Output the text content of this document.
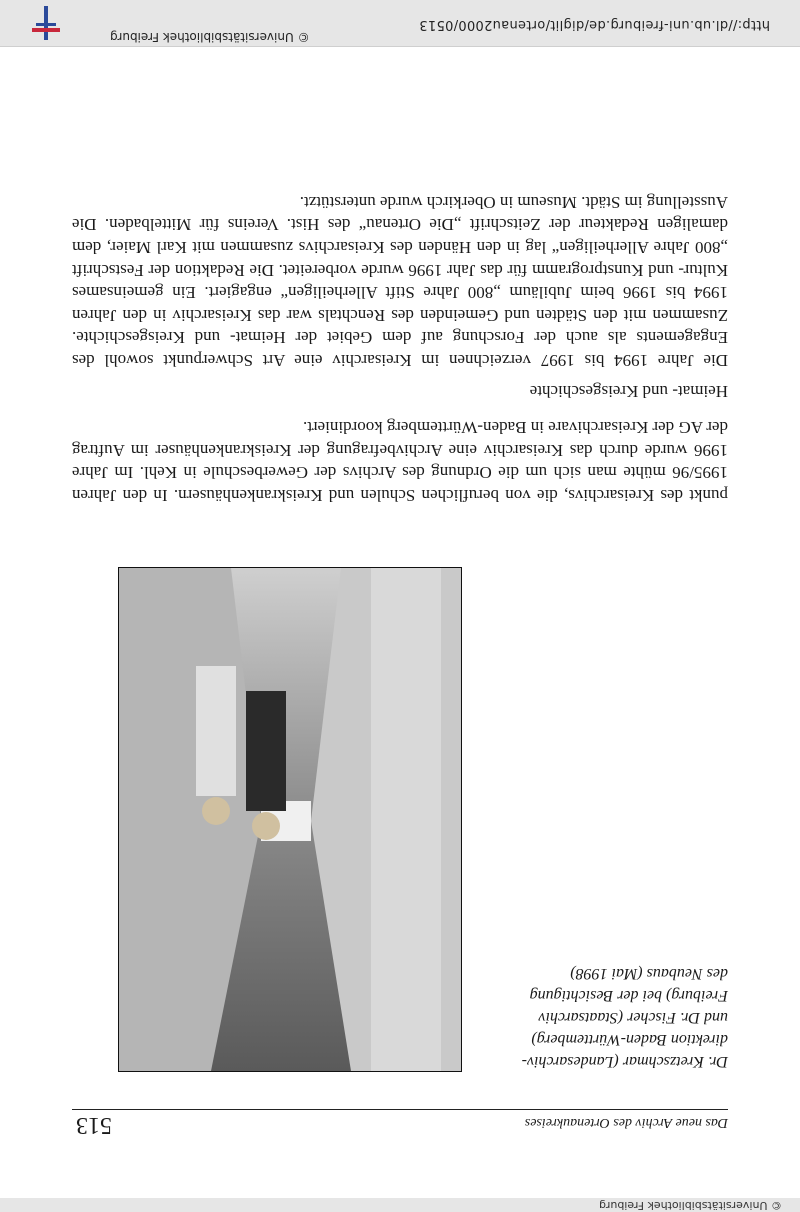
© Universitätsbibliothek Freiburg
Das neue Archiv des Ortenaukreises
513

Dr. Kretzschmar (Landesarchiv-

direktion Baden-Württemberg)

und Dr. Fischer (Staatsarchiv

Freiburg) bei der Besichtigung

des Neubaus (Mai 1998)

punkt des Kreisarchivs, die von beruflichen Schulen und Kreiskrankenhäusern. In den Jahren 1995/96 mühte man sich um die Ordnung des Archivs der Gewerbeschule in Kehl. Im Jahre 1996 wurde durch das Kreisarchiv eine Archivbefragung der Kreiskrankenhäuser im Auftrag der AG der Kreisarchivare in Baden-Württemberg koordiniert.

Heimat- und Kreisgeschichte

Die Jahre 1994 bis 1997 verzeichnen im Kreisarchiv eine Art Schwerpunkt sowohl des Engagements als auch der Forschung auf dem Gebiet der Heimat- und Kreisgeschichte. Zusammen mit den Städten und Gemeinden des Renchtals war das Kreisarchiv in den Jahren 1994 bis 1996 beim Jubiläum „800 Jahre Stift Allerheiligen“ engagiert. Ein gemeinsames Kultur- und Kunstprogramm für das Jahr 1996 wurde vorbereitet. Die Redaktion der Festschrift „800 Jahre Allerheiligen“ lag in den Händen des Kreisarchivs zusammen mit Karl Maier, dem damaligen Redakteur der Zeitschrift „Die Ortenau“ des Hist. Vereins für Mittelbaden. Die Ausstellung im Städt. Museum in Oberkirch wurde unterstützt.

http://dl.ub.uni-freiburg.de/diglit/ortenau2000/0513
© Universitätsbibliothek Freiburg
